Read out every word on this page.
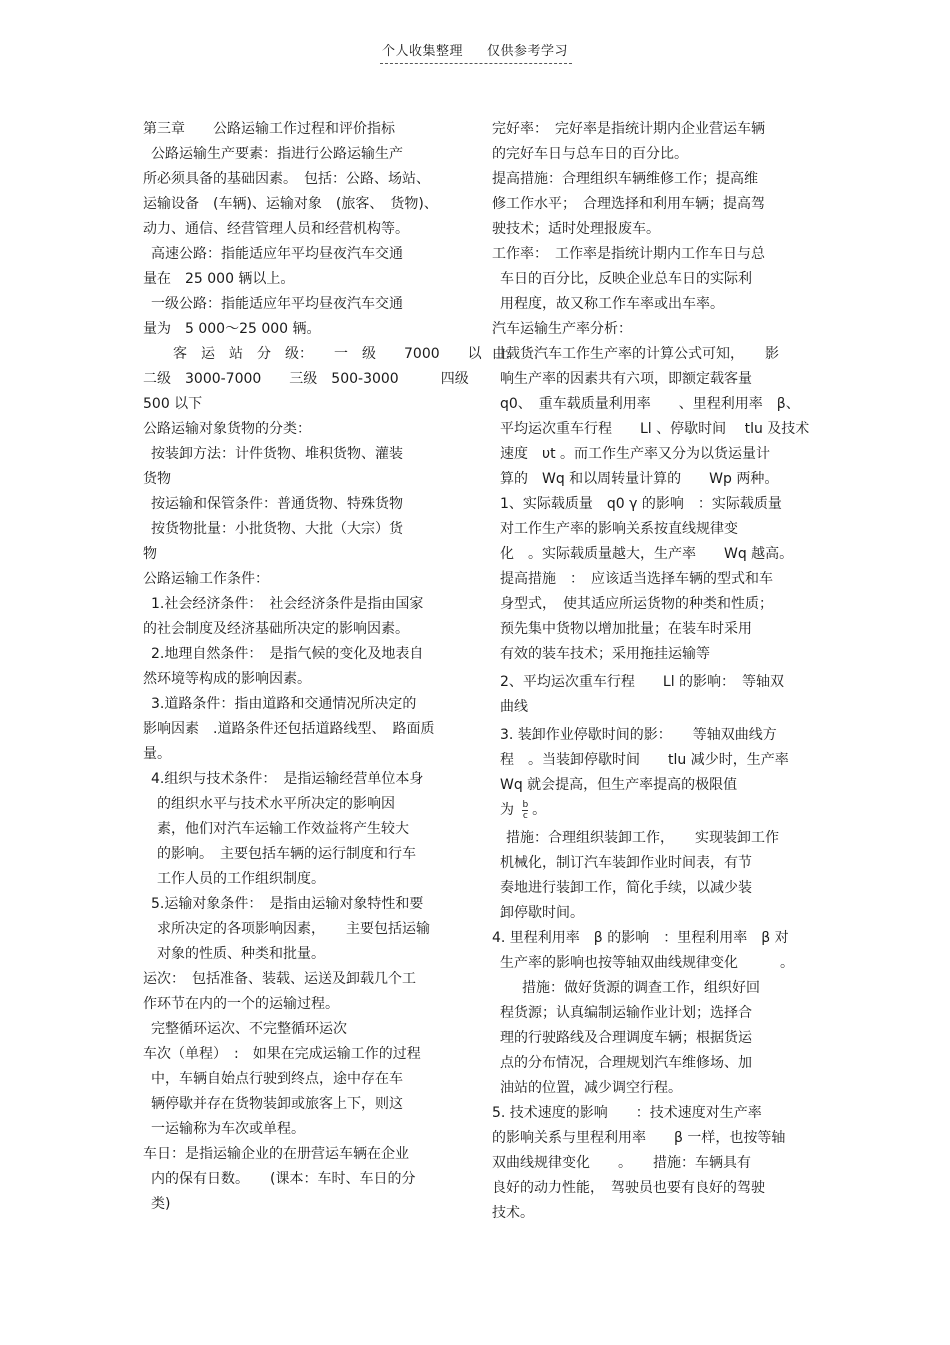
个人收集整理 仅供参考学习
第三章　　公路运输工作过程和评价指标
公路运输生产要素：指进行公路运输生产
所必须具备的基础因素。　包括：公路、场站、
运输设备　(车辆)、运输对象　(旅客、　货物)、
动力、通信、经营管理人员和经营机构等。
高速公路：指能适应年平均昼夜汽车交通
量在　25 000 辆以上。
一级公路：指能适应年平均昼夜汽车交通
量为　5 000～25 000 辆。
客　运　站　分　级：　　一　级　　7000　　以　上
二级　3000-7000　　三级　500-3000　　　四级
500 以下
公路运输对象货物的分类：
按装卸方法：计件货物、堆积货物、灌装
货物
按运输和保管条件：普通货物、特殊货物
按货物批量：小批货物、大批（大宗）货
物
公路运输工作条件：
1.社会经济条件：　社会经济条件是指由国家
的社会制度及经济基础所决定的影响因素。
2.地理自然条件：　是指气候的变化及地表自
然环境等构成的影响因素。
3.道路条件：指由道路和交通情况所决定的
影响因素　.道路条件还包括道路线型、　路面质
量。
4.组织与技术条件：　是指运输经营单位本身
的组织水平与技术水平所决定的影响因
素，他们对汽车运输工作效益将产生较大
的影响。　主要包括车辆的运行制度和行车
工作人员的工作组织制度。
5.运输对象条件：　是指由运输对象特性和要
求所决定的各项影响因素，　　主要包括运输
对象的性质、种类和批量。
运次：　包括准备、装载、运送及卸载几个工
作环节在内的一个的运输过程。
完整循环运次、不完整循环运次
车次（单程）　:　如果在完成运输工作的过程
中，车辆自始点行驶到终点，途中存在车
辆停歇并存在货物装卸或旅客上下，则这
一运输称为车次或单程。
车日：是指运输企业的在册营运车辆在企业
内的保有日数。　　(课本：车时、车日的分
类)
完好率：　完好率是指统计期内企业营运车辆
的完好车日与总车日的百分比。
提高措施：合理组织车辆维修工作；提高维
修工作水平；　合理选择和利用车辆；提高驾
驶技术；适时处理报废车。
工作率：　工作率是指统计期内工作车日与总
车日的百分比，反映企业总车日的实际利
用程度，故又称工作车率或出车率。
汽车运输生产率分析：
由载货汽车工作生产率的计算公式可知，　　影
响生产率的因素共有六项，即额定载客量
q0、　重车载质量利用率　　、里程利用率　β、
平均运次重车行程　　Ll 、停歇时间　 tlu 及技术
速度　υt 。而工作生产率又分为以货运量计
算的　Wq 和以周转量计算的　　Wp 两种。
1、实际载质量　q0 γ 的影响　：实际载质量
对工作生产率的影响关系按直线规律变
化　。实际载质量越大，生产率　　Wq 越高。
提高措施　：　应该适当选择车辆的型式和车
身型式，　使其适应所运货物的种类和性质；
预先集中货物以增加批量；在装车时采用
有效的装车技术；采用拖挂运输等
2、平均运次重车行程　　Ll 的影响：　等轴双
曲线
3. 装卸作业停歇时间的影：　　等轴双曲线方
程　。当装卸停歇时间　　tlu 减少时，生产率
Wq 就会提高，但生产率提高的极限值
为 $\frac{b}{c}$ 。
措施：合理组织装卸工作，　　实现装卸工作
机械化，制订汽车装卸作业时间表，有节
奏地进行装卸工作，简化手续，以减少装
卸停歇时间。
4. 里程利用率　β 的影响　：里程利用率　β 对
生产率的影响也按等轴双曲线规律变化　　　。
措施：做好货源的调查工作，组织好回
程货源；认真编制运输作业计划；选择合
理的行驶路线及合理调度车辆；根据货运
点的分布情况，合理规划汽车维修场、加
油站的位置，减少调空行程。
5. 技术速度的影响　　：技术速度对生产率
的影响关系与里程利用率　　β 一样，也按等轴
双曲线规律变化　　。　　措施：车辆具有
良好的动力性能，　驾驶员也要有良好的驾驶
技术。
